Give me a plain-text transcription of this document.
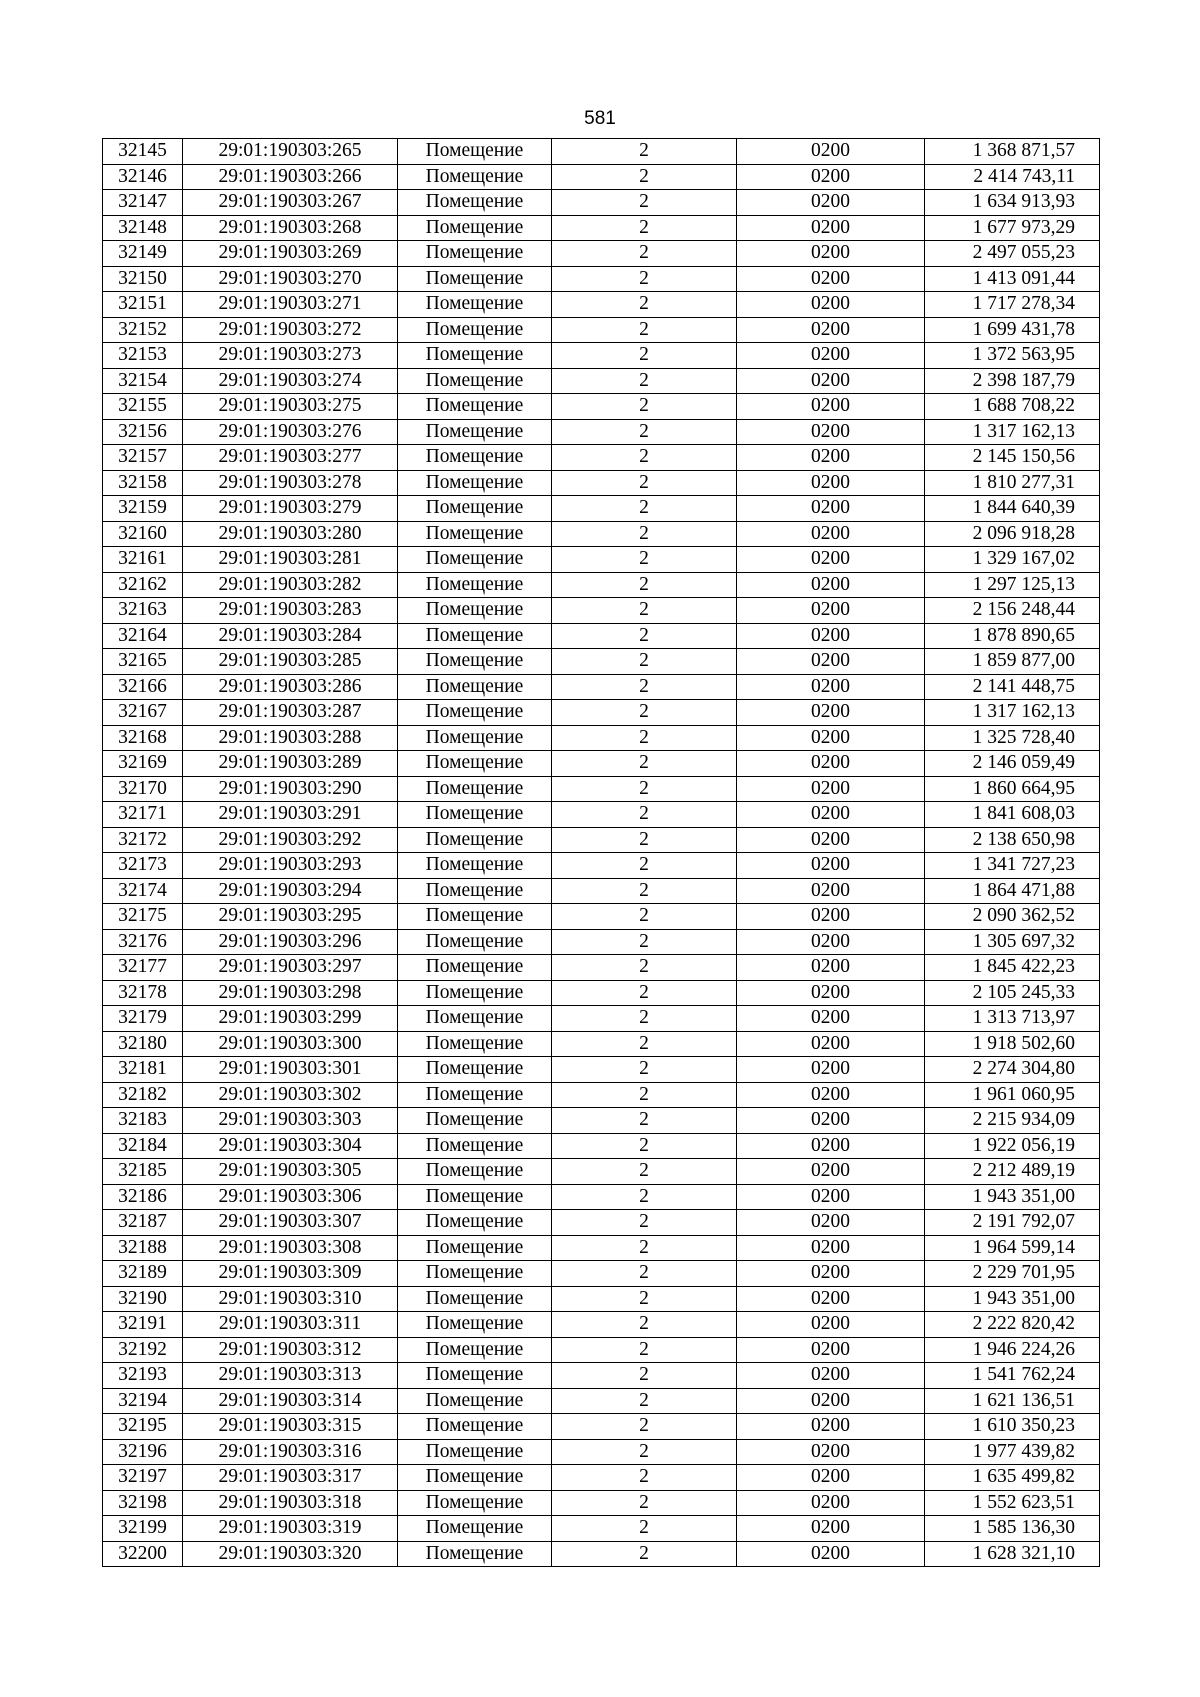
581
32145	29:01:190303:265	Помещение	2	0200	1 368 871,57
32146	29:01:190303:266	Помещение	2	0200	2 414 743,11
32147	29:01:190303:267	Помещение	2	0200	1 634 913,93
32148	29:01:190303:268	Помещение	2	0200	1 677 973,29
32149	29:01:190303:269	Помещение	2	0200	2 497 055,23
32150	29:01:190303:270	Помещение	2	0200	1 413 091,44
32151	29:01:190303:271	Помещение	2	0200	1 717 278,34
32152	29:01:190303:272	Помещение	2	0200	1 699 431,78
32153	29:01:190303:273	Помещение	2	0200	1 372 563,95
32154	29:01:190303:274	Помещение	2	0200	2 398 187,79
32155	29:01:190303:275	Помещение	2	0200	1 688 708,22
32156	29:01:190303:276	Помещение	2	0200	1 317 162,13
32157	29:01:190303:277	Помещение	2	0200	2 145 150,56
32158	29:01:190303:278	Помещение	2	0200	1 810 277,31
32159	29:01:190303:279	Помещение	2	0200	1 844 640,39
32160	29:01:190303:280	Помещение	2	0200	2 096 918,28
32161	29:01:190303:281	Помещение	2	0200	1 329 167,02
32162	29:01:190303:282	Помещение	2	0200	1 297 125,13
32163	29:01:190303:283	Помещение	2	0200	2 156 248,44
32164	29:01:190303:284	Помещение	2	0200	1 878 890,65
32165	29:01:190303:285	Помещение	2	0200	1 859 877,00
32166	29:01:190303:286	Помещение	2	0200	2 141 448,75
32167	29:01:190303:287	Помещение	2	0200	1 317 162,13
32168	29:01:190303:288	Помещение	2	0200	1 325 728,40
32169	29:01:190303:289	Помещение	2	0200	2 146 059,49
32170	29:01:190303:290	Помещение	2	0200	1 860 664,95
32171	29:01:190303:291	Помещение	2	0200	1 841 608,03
32172	29:01:190303:292	Помещение	2	0200	2 138 650,98
32173	29:01:190303:293	Помещение	2	0200	1 341 727,23
32174	29:01:190303:294	Помещение	2	0200	1 864 471,88
32175	29:01:190303:295	Помещение	2	0200	2 090 362,52
32176	29:01:190303:296	Помещение	2	0200	1 305 697,32
32177	29:01:190303:297	Помещение	2	0200	1 845 422,23
32178	29:01:190303:298	Помещение	2	0200	2 105 245,33
32179	29:01:190303:299	Помещение	2	0200	1 313 713,97
32180	29:01:190303:300	Помещение	2	0200	1 918 502,60
32181	29:01:190303:301	Помещение	2	0200	2 274 304,80
32182	29:01:190303:302	Помещение	2	0200	1 961 060,95
32183	29:01:190303:303	Помещение	2	0200	2 215 934,09
32184	29:01:190303:304	Помещение	2	0200	1 922 056,19
32185	29:01:190303:305	Помещение	2	0200	2 212 489,19
32186	29:01:190303:306	Помещение	2	0200	1 943 351,00
32187	29:01:190303:307	Помещение	2	0200	2 191 792,07
32188	29:01:190303:308	Помещение	2	0200	1 964 599,14
32189	29:01:190303:309	Помещение	2	0200	2 229 701,95
32190	29:01:190303:310	Помещение	2	0200	1 943 351,00
32191	29:01:190303:311	Помещение	2	0200	2 222 820,42
32192	29:01:190303:312	Помещение	2	0200	1 946 224,26
32193	29:01:190303:313	Помещение	2	0200	1 541 762,24
32194	29:01:190303:314	Помещение	2	0200	1 621 136,51
32195	29:01:190303:315	Помещение	2	0200	1 610 350,23
32196	29:01:190303:316	Помещение	2	0200	1 977 439,82
32197	29:01:190303:317	Помещение	2	0200	1 635 499,82
32198	29:01:190303:318	Помещение	2	0200	1 552 623,51
32199	29:01:190303:319	Помещение	2	0200	1 585 136,30
32200	29:01:190303:320	Помещение	2	0200	1 628 321,10
